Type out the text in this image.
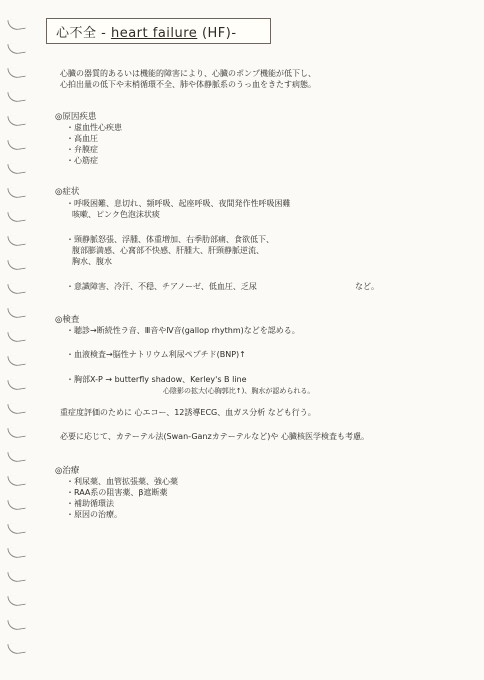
心不全 - heart failure (HF)-
心臓の器質的あるいは機能的障害により、心臓のポンプ機能が低下し、
心拍出量の低下や末梢循環不全、肺や体静脈系のうっ血をきたす病態。
◎原因疾患
・虚血性心疾患
・高血圧
・弁膜症
・心筋症
◎症状
・呼吸困難、息切れ、頻呼吸、起座呼吸、夜間発作性呼吸困難
咳嗽、ピンク色泡沫状痰
・頸静脈怒張、浮腫、体重増加、右季肋部痛、食欲低下、
腹部膨満感、心窩部不快感、肝腫大、肝頸静脈逆流、
胸水、腹水
・意識障害、冷汗、不穏、チアノーゼ、低血圧、乏尿	など。
◎検査
・聴診→断続性ラ音、Ⅲ音やⅣ音(gallop rhythm)などを認める。
・血液検査→脳性ナトリウム利尿ペプチド(BNP)↑
・胸部X-P → butterfly shadow、Kerley's B line
心陰影の拡大(心胸郭比↑)、胸水が認められる。
重症度評価のために 心エコー、12誘導ECG、血ガス分析 なども行う。
必要に応じて、カテーテル法(Swan-Ganzカテーテルなど)や 心臓核医学検査も考慮。
◎治療
・利尿薬、血管拡張薬、強心薬
・RAA系の阻害薬、β遮断薬
・補助循環法
・原因の治療。
